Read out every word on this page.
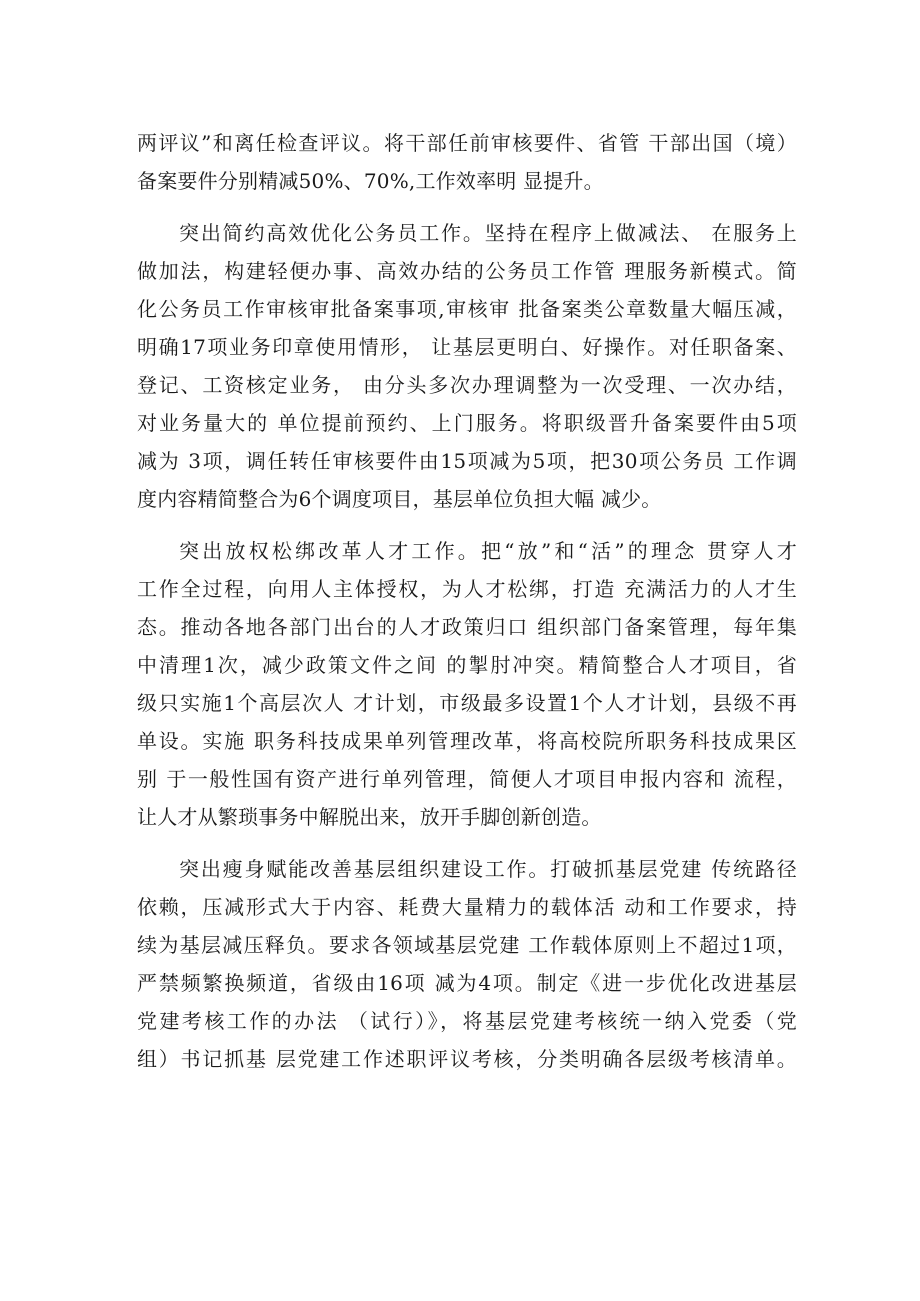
两评议”和离任检查评议。将干部任前审核要件、省管 干部出国（境）
备案要件分别精减50%、70%,工作效率明 显提升。
突出简约高效优化公务员工作。坚持在程序上做减法、 在服务上
做加法，构建轻便办事、高效办结的公务员工作管 理服务新模式。简
化公务员工作审核审批备案事项,审核审 批备案类公章数量大幅压减，
明确17项业务印章使用情形， 让基层更明白、好操作。对任职备案、
登记、工资核定业务， 由分头多次办理调整为一次受理、一次办结，
对业务量大的 单位提前预约、上门服务。将职级晋升备案要件由5项
减为 3项，调任转任审核要件由15项减为5项，把30项公务员 工作调
度内容精简整合为6个调度项目，基层单位负担大幅 减少。
突出放权松绑改革人才工作。把“放”和“活”的理念 贯穿人才
工作全过程，向用人主体授权，为人才松绑，打造 充满活力的人才生
态。推动各地各部门出台的人才政策归口 组织部门备案管理，每年集
中清理1次，减少政策文件之间 的掣肘冲突。精简整合人才项目，省
级只实施1个高层次人 才计划，市级最多设置1个人才计划，县级不再
单设。实施 职务科技成果单列管理改革，将高校院所职务科技成果区
别 于一般性国有资产进行单列管理，简便人才项目申报内容和 流程，
让人才从繁琐事务中解脱出来，放开手脚创新创造。
突出瘦身赋能改善基层组织建设工作。打破抓基层党建 传统路径
依赖，压减形式大于内容、耗费大量精力的载体活 动和工作要求，持
续为基层减压释负。要求各领域基层党建 工作载体原则上不超过1项，
严禁频繁换频道，省级由16项 减为4项。制定《进一步优化改进基层
党建考核工作的办法 （试行）》，将基层党建考核统一纳入党委（党
组）书记抓基 层党建工作述职评议考核，分类明确各层级考核清单。
